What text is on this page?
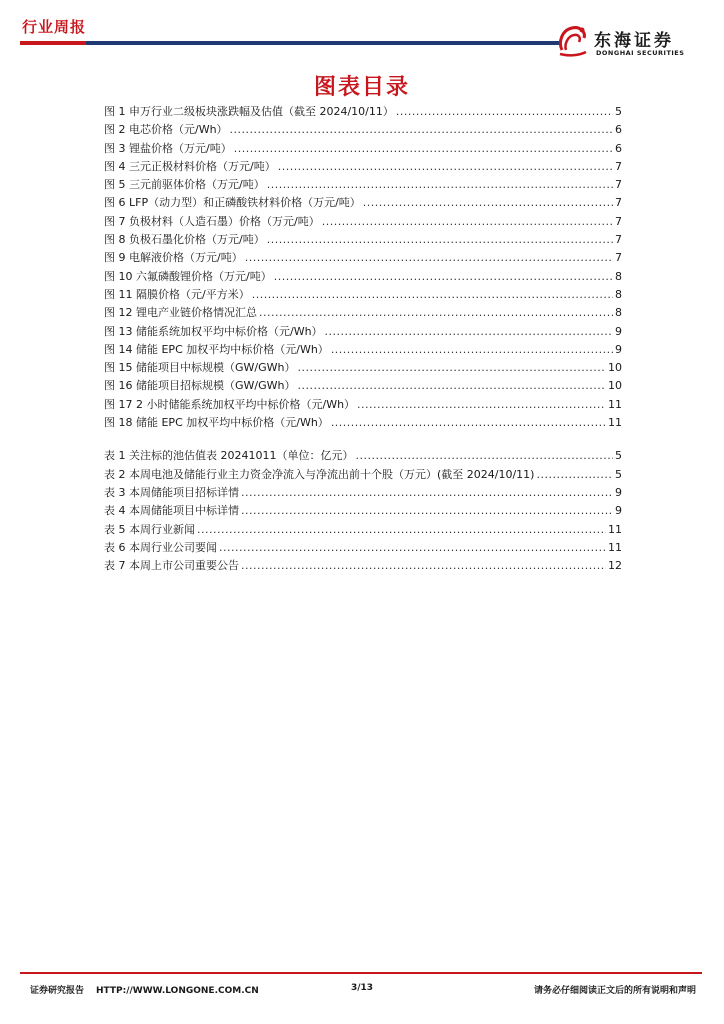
行业周报
东海证券
DONGHAI SECURITIES
图表目录
图 1 申万行业二级板块涨跌幅及估值（截至 2024/10/11） .....	5
图 2 电芯价格（元/Wh） .....	6
图 3 锂盐价格（万元/吨） .....	6
图 4 三元正极材料价格（万元/吨） .....	7
图 5 三元前驱体价格（万元/吨） .....	7
图 6 LFP（动力型）和正磷酸铁材料价格（万元/吨） .....	7
图 7 负极材料（人造石墨）价格（万元/吨） .....	7
图 8 负极石墨化价格（万元/吨） .....	7
图 9 电解液价格（万元/吨） .....	7
图 10 六氟磷酸锂价格（万元/吨） .....	8
图 11 隔膜价格（元/平方米） .....	8
图 12 锂电产业链价格情况汇总 .....	8
图 13 储能系统加权平均中标价格（元/Wh） .....	9
图 14 储能 EPC 加权平均中标价格（元/Wh） .....	9
图 15 储能项目中标规模（GW/GWh） .....	10
图 16 储能项目招标规模（GW/GWh） .....	10
图 17 2 小时储能系统加权平均中标价格（元/Wh） .....	11
图 18 储能 EPC 加权平均中标价格（元/Wh） .....	11
表 1 关注标的池估值表 20241011（单位：亿元） .....	5
表 2 本周电池及储能行业主力资金净流入与净流出前十个股（万元）(截至 2024/10/11) .....	5
表 3 本周储能项目招标详情 .....	9
表 4 本周储能项目中标详情 .....	9
表 5 本周行业新闻 .....	11
表 6 本周行业公司要闻 .....	11
表 7 本周上市公司重要公告 .....	12
证券研究报告 HTTP://WWW.LONGONE.COM.CN	3/13	请务必仔细阅读正文后的所有说明和声明
